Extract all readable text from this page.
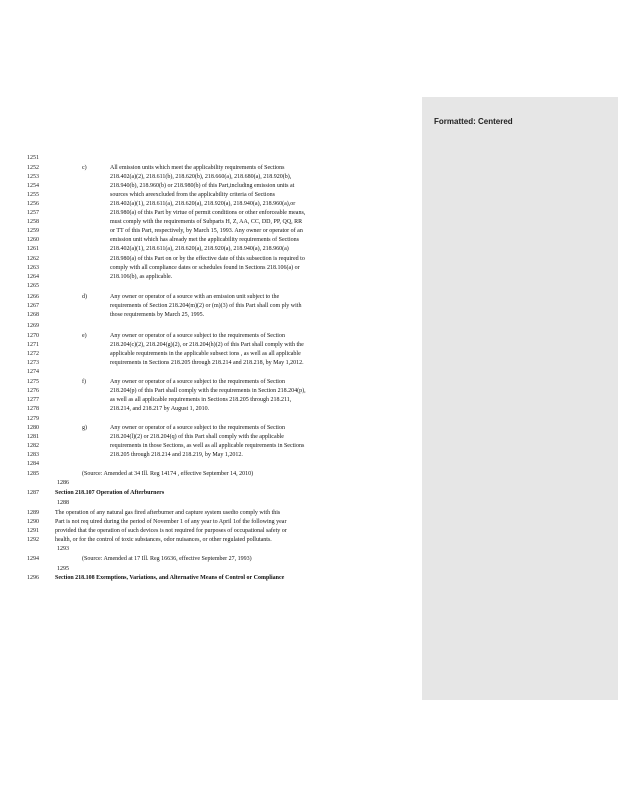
Formatted: Centered
1251
1252	c)	All emission units which meet the applicability requirements of Sections
1253	218.402(a)(2), 218.611(b), 218.620(b), 218.660(a), 218.680(a), 218.920(b),
1254	218.940(b), 218.960(b) or 218.980(b) of this Part,including emission units at
1255	sources which areexcluded from the applicability criteria of Sections
1256	218.402(a)(1), 218.611(a), 218.620(a), 218.920(a), 218.940(a), 218.960(a),or
1257	218.980(a) of this Part by virtue of permit conditions or other enforceable means,
1258	must comply with the requirements of Subparts H, Z, AA, CC, DD, PP, QQ, RR
1259	or TT of this Part, respectively, by March 15, 1993. Any owner or operator of an
1260	emission unit which has already met the applicability requirements of Sections
1261	218.402(a)(1), 218.611(a), 218.620(a), 218.920(a), 218.940(a), 218.960(a)
1262	218.980(a) of this Part on or by the effective date of this subsection is required to
1263	comply with all compliance dates or schedules found in Sections 218.106(a) or
1264	218.106(b), as applicable.
1265
1266	d)	Any owner or operator of a source with an emission unit subject to the
1267	requirements of Section 218.204(m)(2) or (m)(3) of this Part shall com ply with
1268	those requirements by March 25, 1995.
1269
1270	e)	Any owner or operator of a source subject to the requirements of Section
1271	218.204(c)(2), 218.204(g)(2), or 218.204(h)(2) of this Part shall comply with the
1272	applicable requirements in the applicable subsect ions , as well as all applicable
1273	requirements in Sections 218.205 through 218.214 and 218.218, by May 1,2012.
1274
1275	f)	Any owner or operator of a source subject to the requirements of Section
1276	218.204(p) of this Part shall comply with the requirements in Section 218.204(p),
1277	as well as all applicable requirements in Sections 218.205 through 218.211,
1278	218.214, and 218.217 by August 1, 2010.
1279
1280	g)	Any owner or operator of a source subject to the requirements of Section
1281	218.204(l)(2) or 218.204(q) of this Part shall comply with the applicable
1282	requirements in those Sections, as well as all applicable requirements in Sections
1283	218.205 through 218.214 and 218.219, by May 1,2012.
1284
1285	(Source: Amended at 34 Ill. Reg 14174 , effective September 14, 2010)
1286
1287	Section 218.107 Operation of Afterburners
1288
1289	The operation of any natural gas fired afterburner and capture system usedto comply with this
1290	Part is not req uired during the period of November 1 of any year to April 1of the following year
1291	provided that the operation of such devices is not required for purposes of occupational safety or
1292	health, or for the control of toxic substances, odor nuisances, or other regulated pollutants.
1293
1294	(Source: Amended at 17 Ill. Reg 16636, effective September 27, 1993)
1295
1296	Section 218.108 Exemptions, Variations, and Alternative Means of Control or Compliance
